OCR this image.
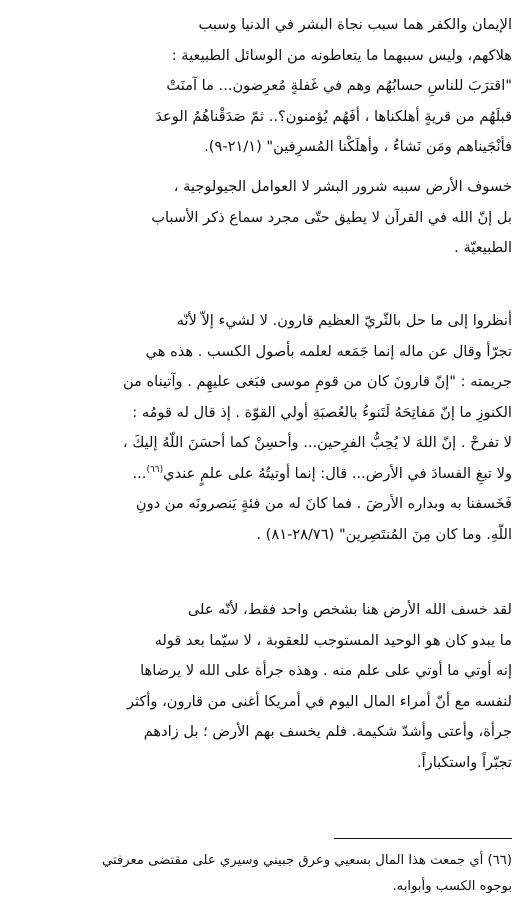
الإيمان والكفر هما سبب نجاة البشر في الدنيا وسبب
هلاكهم، وليس سببهما ما يتعاطونه من الوسائل الطبيعية :
"اقترَبَ للناسِ حسابُهُم وهم في غَفلةٍ مُعرِضون... ما آمنَتْ
قبلَهُم من قريةٍ أهلكناها ، أفَهُم يُؤمنون؟.. ثمّ صَدَقْناهُمُ الوعدَ
فأنْجَيناهم ومَن نَشاءُ ، وأهلَكْنا المُسرِفين" (٢١/١-٩).

خسوف الأرض سببه شرور البشر لا العوامل الجيولوجية ،
بل إنّ الله في القرآن لا يطيق حتّى مجرد سماع ذكر الأسباب
الطبيعيّة .

أنظروا إلى ما حل بالثّريّ العظيم قارون. لا لشيء إلاّ لأنّه
تجرّأ وقال عن ماله إنما جَمَعه لعلمه بأصول الكسب . هذه هي
جريمته : "إنّ قارونَ كان من قومِ موسى فبَغى عليهِم . وآتيناه من
الكنوزِ ما إنّ مَفاتِحَهُ لَتَنوءُ بالعُصبَةِ أولي القوّة . إذ قال له قومُه :
لا تفرحْ . إنّ اللهَ لا يُحِبُّ الفرِحين... وأحسِنْ كما أحسَنَ اللّهُ إليكَ ،
ولا تبغِ الفسادَ في الأرض... قال: إنما أوتيتُهُ على علمٍ عندي$^{(٦٦)}$...
فَخَسفنا به وبداره الأرضَ . فما كانَ له من فئةٍ يَنصرونَه من دونِ
اللّهِ. وما كان مِنَ المُنتَصِرين" (٢٨/٧٦-٨١) .

لقد خسف الله الأرض هنا بشخص واحد فقط، لأنّه على
ما يبدو كان هو الوحيد المستوجب للعقوبة ، لا سيّما بعد قوله
إنه أوتي ما أوتي على علم منه . وهذه جرأة على الله لا يرضاها
لنفسه مع أنّ أمراء المال اليوم في أمريكا أغنى من قارون، وأكثر
جرأة، وأعتى وأشدّ شكيمة. فلم يخسف بهم الأرض ؛ بل زادهم
تجبّراً واستكباراً.

(٦٦) أي جمعت هذا المال بسعيي وعرق جبيني وسيري على مقتضى معرفتي
بوجوه الكسب وأبوابه.
